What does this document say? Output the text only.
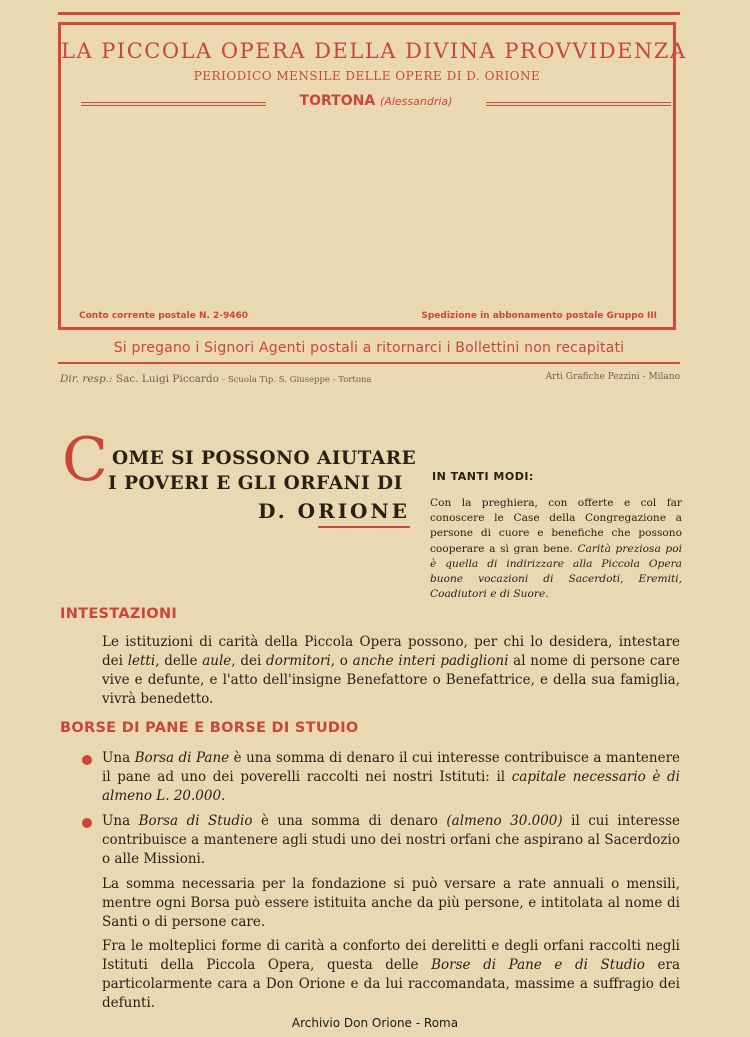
LA PICCOLA OPERA DELLA DIVINA PROVVIDENZA
PERIODICO MENSILE DELLE OPERE DI D. ORIONE
TORTONA (Alessandria)
Conto corrente postale N. 2-9460	Spedizione in abbonamento postale Gruppo III
Si pregano i Signori Agenti postali a ritornarci i Bollettini non recapitati
Dir. resp.: Sac. Luigi Piccardo - Scuola Tip. S. Giuseppe - Tortona	Arti Grafiche Pezzini - Milano
C OME SI POSSONO AIUTARE
I POVERI E GLI ORFANI DI
D. ORIONE
IN TANTI MODI:
Con la preghiera, con offerte e col far conoscere le Case della Congregazione a persone di cuore e benefiche che possono cooperare a sì gran bene. Carità preziosa poi è quella di indirizzare alla Piccola Opera buone vocazioni di Sacerdoti, Eremiti, Coadiutori e di Suore.
INTESTAZIONI
Le istituzioni di carità della Piccola Opera possono, per chi lo desidera, intestare dei letti, delle aule, dei dormitori, o anche interi padiglioni al nome di persone care vive e defunte, e l'atto dell'insigne Benefattore o Benefattrice, e della sua famiglia, vivrà benedetto.
BORSE DI PANE E BORSE DI STUDIO
Una Borsa di Pane è una somma di denaro il cui interesse contribuisce a mantenere il pane ad uno dei poverelli raccolti nei nostri Istituti: il capitale necessario è di almeno L. 20.000.
Una Borsa di Studio è una somma di denaro (almeno 30.000) il cui interesse contribuisce a mantenere agli studi uno dei nostri orfani che aspirano al Sacerdozio o alle Missioni.
La somma necessaria per la fondazione si può versare a rate annuali o mensili, mentre ogni Borsa può essere istituita anche da più persone, e intitolata al nome di Santi o di persone care.
Fra le molteplici forme di carità a conforto dei derelitti e degli orfani raccolti negli Istituti della Piccola Opera, questa delle Borse di Pane e di Studio era particolarmente cara a Don Orione e da lui raccomandata, massime a suffragio dei defunti.
Archivio Don Orione - Roma
